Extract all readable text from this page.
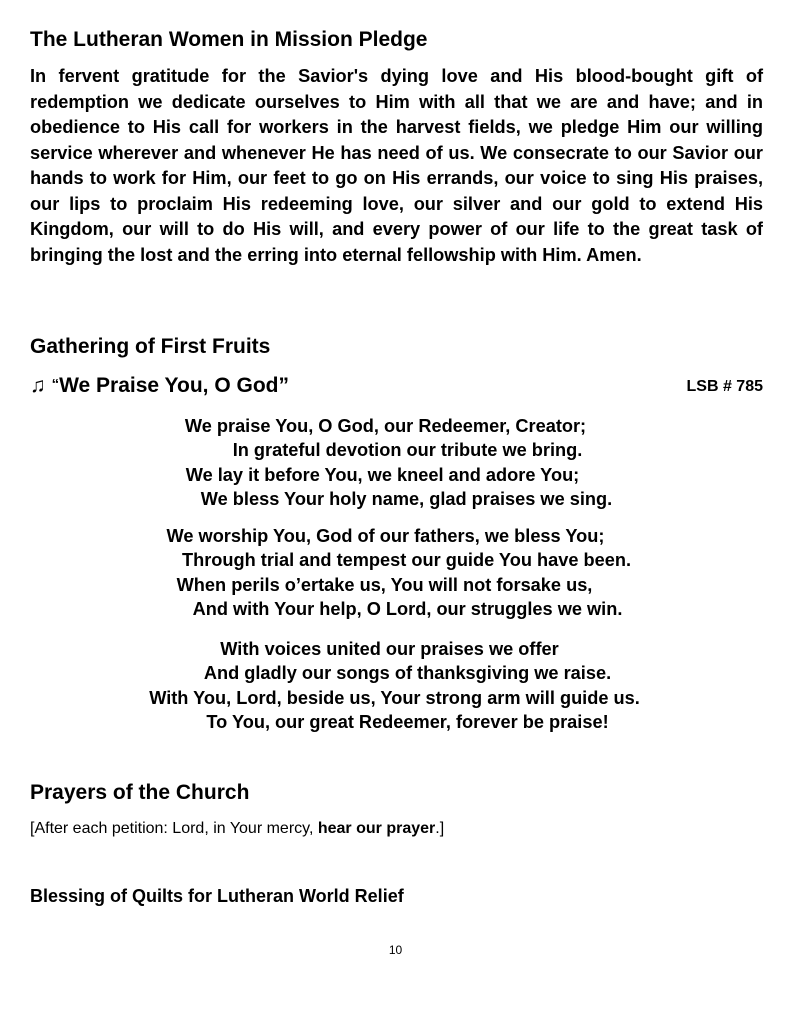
The Lutheran Women in Mission Pledge

In fervent gratitude for the Savior's dying love and His blood-bought gift of redemption we dedicate ourselves to Him with all that we are and have; and in obedience to His call for workers in the harvest fields, we pledge Him our willing service wherever and whenever He has need of us. We consecrate to our Savior our hands to work for Him, our feet to go on His errands, our voice to sing His praises, our lips to proclaim His redeeming love, our silver and our gold to extend His Kingdom, our will to do His will, and every power of our life to the great task of bringing the lost and the erring into eternal fellowship with Him. Amen.

Gathering of First Fruits
♫ “We Praise You, O God”	LSB # 785
We praise You, O God, our Redeemer, Creator;
In grateful devotion our tribute we bring.
We lay it before You, we kneel and adore You;
We bless Your holy name, glad praises we sing.
We worship You, God of our fathers, we bless You;
Through trial and tempest our guide You have been.
When perils o’ertake us, You will not forsake us,
And with Your help, O Lord, our struggles we win.
With voices united our praises we offer
And gladly our songs of thanksgiving we raise.
With You, Lord, beside us, Your strong arm will guide us.
To You, our great Redeemer, forever be praise!
Prayers of the Church
[After each petition: Lord, in Your mercy, hear our prayer.]
Blessing of Quilts for Lutheran World Relief
10
